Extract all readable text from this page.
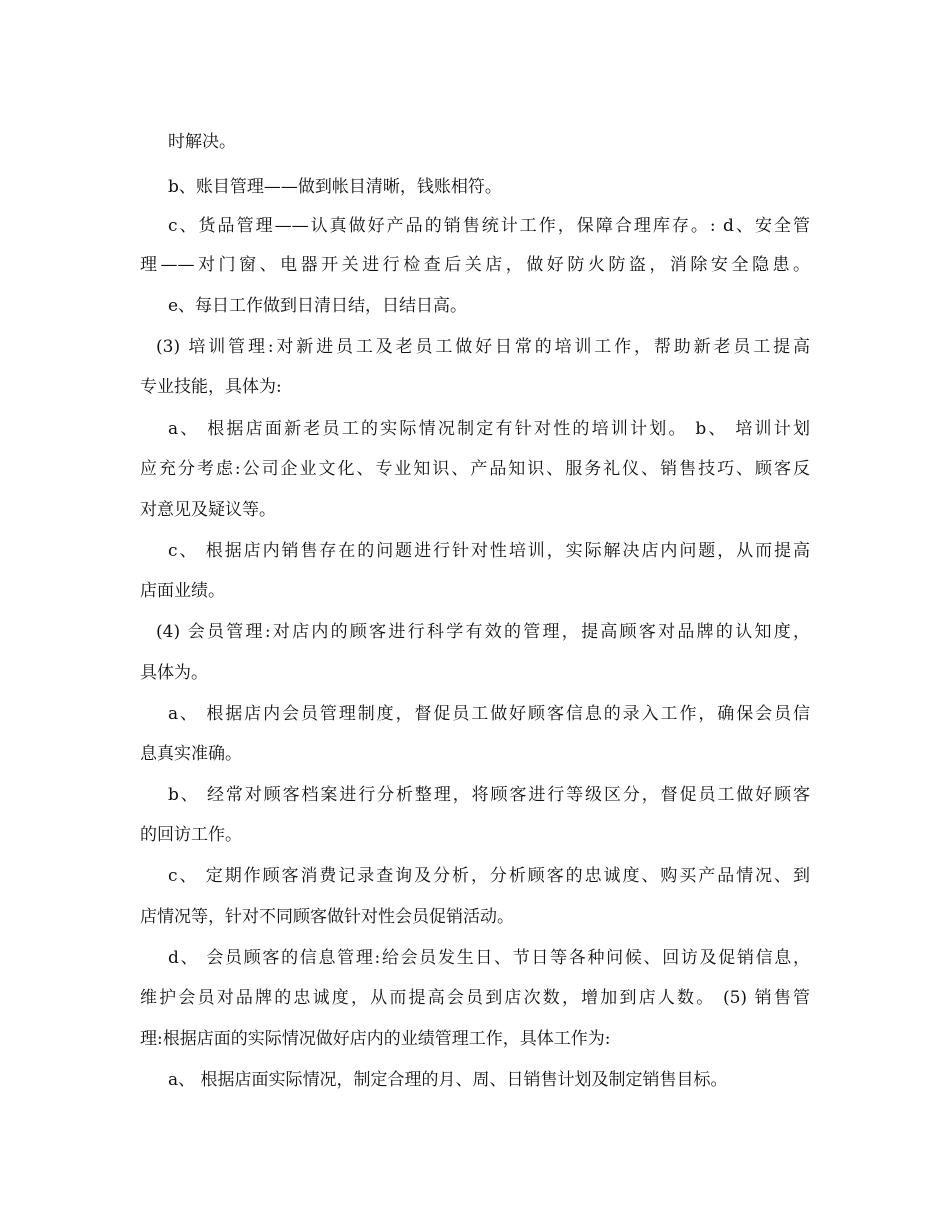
时解决。
b、账目管理——做到帐目清晰，钱账相符。
c、货品管理——认真做好产品的销售统计工作，保障合理库存。: d、安全管
理——对门窗、电器开关进行检查后关店，做好防火防盗，消除安全隐患。
e、每日工作做到日清日结，日结日高。
(3) 培训管理:对新进员工及老员工做好日常的培训工作，帮助新老员工提高
专业技能，具体为:
a、 根据店面新老员工的实际情况制定有针对性的培训计划。 b、 培训计划
应充分考虑:公司企业文化、专业知识、产品知识、服务礼仪、销售技巧、顾客反
对意见及疑议等。
c、 根据店内销售存在的问题进行针对性培训，实际解决店内问题，从而提高
店面业绩。
(4) 会员管理:对店内的顾客进行科学有效的管理，提高顾客对品牌的认知度，
具体为。
a、 根据店内会员管理制度，督促员工做好顾客信息的录入工作，确保会员信
息真实准确。
b、 经常对顾客档案进行分析整理，将顾客进行等级区分，督促员工做好顾客
的回访工作。
c、 定期作顾客消费记录查询及分析，分析顾客的忠诚度、购买产品情况、到
店情况等，针对不同顾客做针对性会员促销活动。
d、 会员顾客的信息管理:给会员发生日、节日等各种问候、回访及促销信息，
维护会员对品牌的忠诚度，从而提高会员到店次数，增加到店人数。 (5) 销售管
理:根据店面的实际情况做好店内的业绩管理工作，具体工作为:
a、 根据店面实际情况，制定合理的月、周、日销售计划及制定销售目标。
